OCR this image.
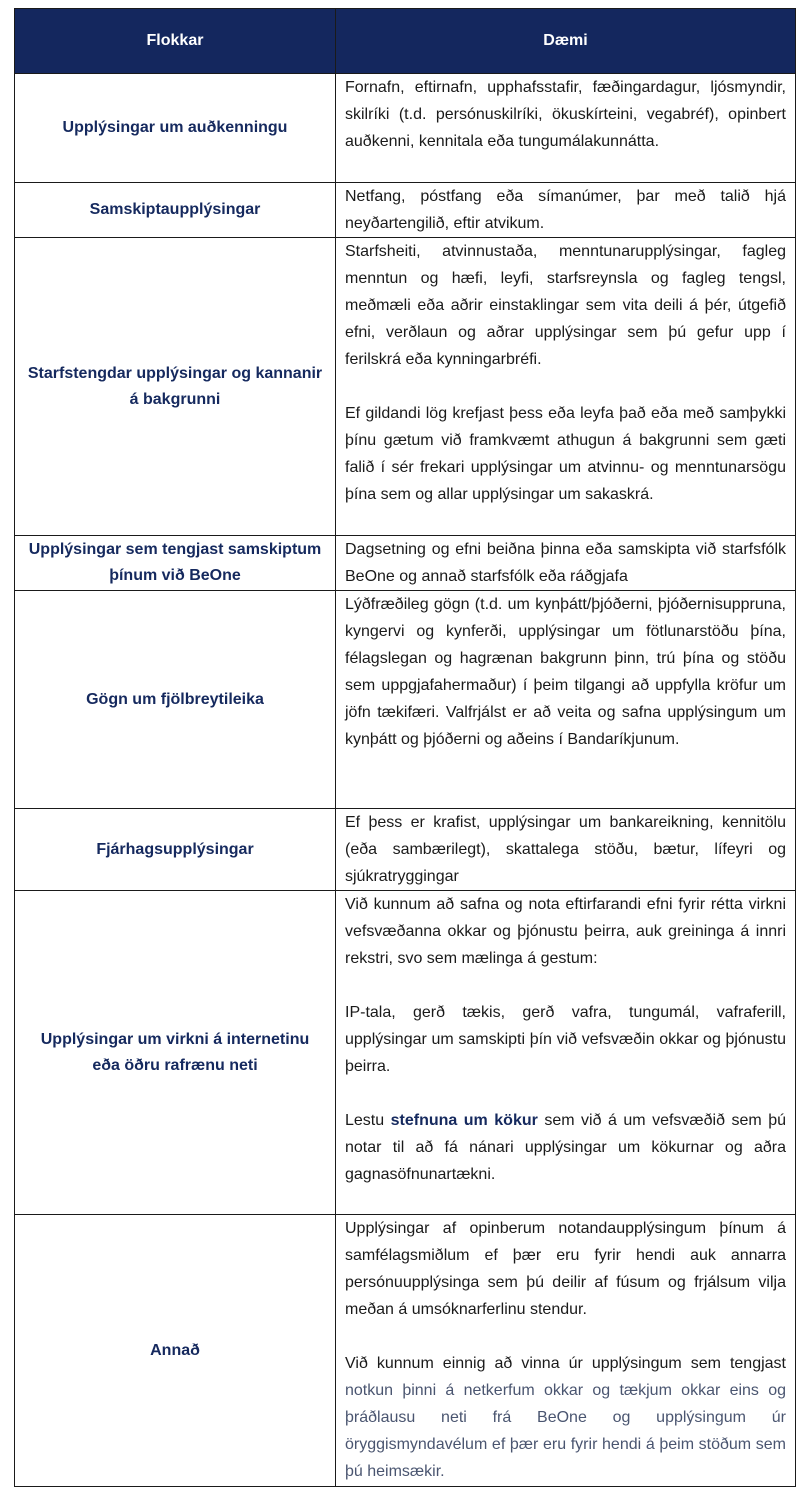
Flokkar	Dæmi
Upplýsingar um auðkenningu	Fornafn, eftirnafn, upphafsstafir, fæðingardagur, ljósmyndir, skilríki (t.d. persónuskilríki, ökuskírteini, vegabréf), opinbert auðkenni, kennitala eða tungumálakunnátta.

Samskiptaupplýsingar	Netfang, póstfang eða símanúmer, þar með talið hjá neyðartengilið, eftir atvikum.

Starfstengdar upplýsingar og kannanir á bakgrunni	Starfsheiti, atvinnustaða, menntunarupplýsingar, fagleg menntun og hæfi, leyfi, starfsreynsla og fagleg tengsl, meðmæli eða aðrir einstaklingar sem vita deili á þér, útgefið efni, verðlaun og aðrar upplýsingar sem þú gefur upp í ferilskrá eða kynningarbréfi.

Ef gildandi lög krefjast þess eða leyfa það eða með samþykki þínu gætum við framkvæmt athugun á bakgrunni sem gæti falið í sér frekari upplýsingar um atvinnu- og menntunarsögu þína sem og allar upplýsingar um sakaskrá.

Upplýsingar sem tengjast samskiptum þínum við BeOne	Dagsetning og efni beiðna þinna eða samskipta við starfsfólk BeOne og annað starfsfólk eða ráðgjafa

Gögn um fjölbreytileika	Lýðfræðileg gögn (t.d. um kynþátt/þjóðerni, þjóðernisuppruna, kyngervi og kynferði, upplýsingar um fötlunarstöðu þína, félagslegan og hagrænan bakgrunn þinn, trú þína og stöðu sem uppgjafahermaður) í þeim tilgangi að uppfylla kröfur um jöfn tækifæri. Valfrjálst er að veita og safna upplýsingum um kynþátt og þjóðerni og aðeins í Bandaríkjunum.

Fjárhagsupplýsingar	Ef þess er krafist, upplýsingar um bankareikning, kennitölu (eða sambærilegt), skattalega stöðu, bætur, lífeyri og sjúkratryggingar

Upplýsingar um virkni á internetinu eða öðru rafrænu neti	Við kunnum að safna og nota eftirfarandi efni fyrir rétta virkni vefsvæðanna okkar og þjónustu þeirra, auk greininga á innri rekstri, svo sem mælinga á gestum:

IP-tala, gerð tækis, gerð vafra, tungumál, vafraferill, upplýsingar um samskipti þín við vefsvæðin okkar og þjónustu þeirra.

Lestu stefnuna um kökur sem við á um vefsvæðið sem þú notar til að fá nánari upplýsingar um kökurnar og aðra gagnasöfnunartækni.

Annað	Upplýsingar af opinberum notandaupplýsingum þínum á samfélagsmiðlum ef þær eru fyrir hendi auk annarra persónuupplýsinga sem þú deilir af fúsum og frjálsum vilja meðan á umsóknarferlinu stendur.

Við kunnum einnig að vinna úr upplýsingum sem tengjast notkun þinni á netkerfum okkar og tækjum okkar eins og þráðlausu neti frá BeOne og upplýsingum úr öryggismyndavélum ef þær eru fyrir hendi á þeim stöðum sem þú heimsækir.
